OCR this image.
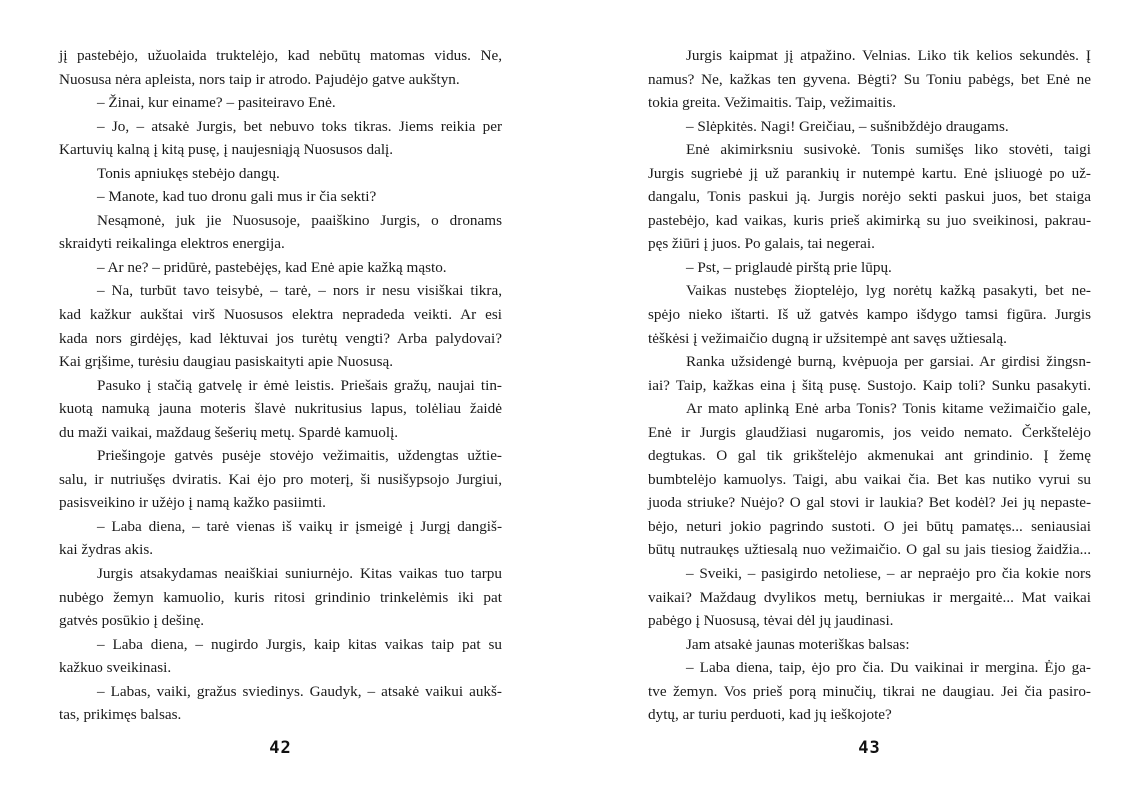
jį pastebėjo, užuolaida truktelėjo, kad nebūtų matomas vidus. Ne,
Nuosusa nėra apleista, nors taip ir atrodo. Pajudėjo gatve aukštyn.
– Žinai, kur einame? – pasiteiravo Enė.
– Jo, – atsakė Jurgis, bet nebuvo toks tikras. Jiems reikia per
Kartuvių kalną į kitą pusę, į naujesniąją Nuosusos dalį.
Tonis apniukęs stebėjo dangų.
– Manote, kad tuo dronu gali mus ir čia sekti?
Nesąmonė, juk jie Nuosusoje, paaiškino Jurgis, o dronams
skraidyti reikalinga elektros energija.
– Ar ne? – pridūrė, pastebėjęs, kad Enė apie kažką mąsto.
– Na, turbūt tavo teisybė, – tarė, – nors ir nesu visiškai tikra,
kad kažkur aukštai virš Nuosusos elektra nepradeda veikti. Ar esi
kada nors girdėjęs, kad lėktuvai jos turėtų vengti? Arba palydovai?
Kai grįšime, turėsiu daugiau pasiskaityti apie Nuosusą.
Pasuko į stačią gatvelę ir ėmė leistis. Priešais gražų, naujai tin-
kuotą namuką jauna moteris šlavė nukritusius lapus, tolėliau žaidė
du maži vaikai, maždaug šešerių metų. Spardė kamuolį.
Priešingoje gatvės pusėje stovėjo vežimaitis, uždengtas užtie-
salu, ir nutriušęs dviratis. Kai ėjo pro moterį, ši nusišypsojo Jurgiui,
pasisveikino ir užėjo į namą kažko pasiimti.
– Laba diena, – tarė vienas iš vaikų ir įsmeigė į Jurgį dangiš-
kai žydras akis.
Jurgis atsakydamas neaiškiai suniurnėjo. Kitas vaikas tuo tarpu
nubėgo žemyn kamuolio, kuris ritosi grindinio trinkelėmis iki pat
gatvės posūkio į dešinę.
– Laba diena, – nugirdo Jurgis, kaip kitas vaikas taip pat su
kažkuo sveikinasi.
– Labas, vaiki, gražus sviedinys. Gaudyk, – atsakė vaikui aukš-
tas, prikimęs balsas.
Jurgis kaipmat jį atpažino. Velnias. Liko tik kelios sekundės. Į
namus? Ne, kažkas ten gyvena. Bėgti? Su Toniu pabėgs, bet Enė ne
tokia greita. Vežimaitis. Taip, vežimaitis.
– Slėpkitės. Nagi! Greičiau, – sušnibždėjo draugams.
Enė akimirksniu susivokė. Tonis sumišęs liko stovėti, taigi
Jurgis sugriebė jį už parankių ir nutempė kartu. Enė įsliuogė po už-
dangalu, Tonis paskui ją. Jurgis norėjo sekti paskui juos, bet staiga
pastebėjo, kad vaikas, kuris prieš akimirką su juo sveikinosi, pakrau-
pęs žiūri į juos. Po galais, tai negerai.
– Pst, – priglaudė pirštą prie lūpų.
Vaikas nustebęs žioptelėjo, lyg norėtų kažką pasakyti, bet ne-
spėjo nieko ištarti. Iš už gatvės kampo išdygo tamsi figūra. Jurgis
tėškėsi į vežimaičio dugną ir užsitempė ant savęs užtiesalą.
Ranka užsidengė burną, kvėpuoja per garsiai. Ar girdisi žingsn-
iai? Taip, kažkas eina į šitą pusę. Sustojo. Kaip toli? Sunku pasakyti.
Ar mato aplinką Enė arba Tonis? Tonis kitame vežimaičio gale,
Enė ir Jurgis glaudžiasi nugaromis, jos veido nemato. Čerkštelėjo
degtukas. O gal tik grikštelėjo akmenukai ant grindinio. Į žemę
bumbtelėjo kamuolys. Taigi, abu vaikai čia. Bet kas nutiko vyrui su
juoda striuke? Nuėjo? O gal stovi ir laukia? Bet kodėl? Jei jų nepaste-
bėjo, neturi jokio pagrindo sustoti. O jei būtų pamatęs... seniausiai
būtų nutraukęs užtiesalą nuo vežimaičio. O gal su jais tiesiog žaidžia...
– Sveiki, – pasigirdo netoliese, – ar nepraėjo pro čia kokie nors
vaikai? Maždaug dvylikos metų, berniukas ir mergaitė... Mat vaikai
pabėgo į Nuosusą, tėvai dėl jų jaudinasi.
Jam atsakė jaunas moteriškas balsas:
– Laba diena, taip, ėjo pro čia. Du vaikinai ir mergina. Ėjo ga-
tve žemyn. Vos prieš porą minučių, tikrai ne daugiau. Jei čia pasiro-
dytų, ar turiu perduoti, kad jų ieškojote?
42	43
